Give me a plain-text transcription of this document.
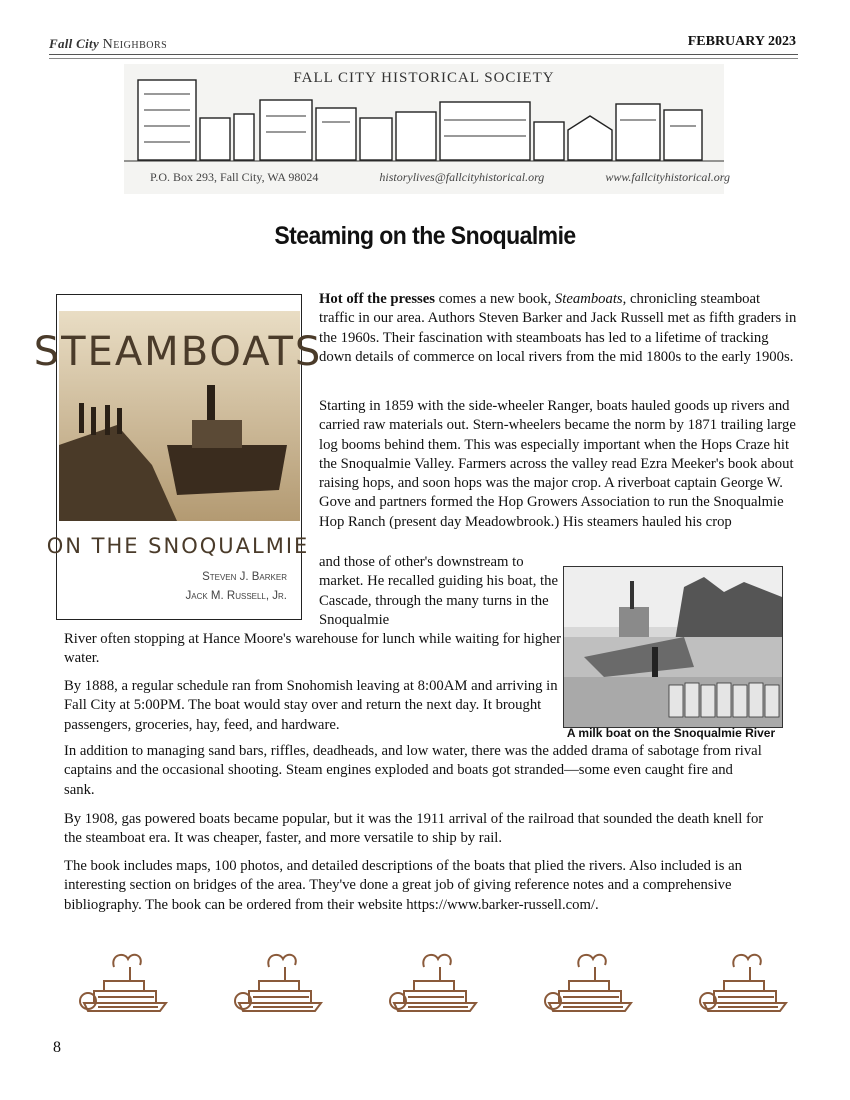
Fall City Neighbors	FEBRUARY 2023
FALL CITY HISTORICAL SOCIETY
P.O. Box 293, Fall City, WA 98024	historylives@fallcityhistorical.org	www.fallcityhistorical.org
Steaming on the Snoqualmie
STEAMBOATS
ON THE SNOQUALMIE
Steven J. Barker
Jack M. Russell, Jr.

Hot off the presses comes a new book, Steamboats, chronicling steamboat traffic in our area. Authors Steven Barker and Jack Russell met as fifth graders in the 1960s. Their fascination with steamboats has led to a lifetime of tracking down details of commerce on local rivers from the mid 1800s to the early 1900s.

Starting in 1859 with the side-wheeler Ranger, boats hauled goods up rivers and carried raw materials out. Stern-wheelers became the norm by 1871 trailing large log booms behind them. This was especially important when the Hops Craze hit the Snoqualmie Valley. Farmers across the valley read Ezra Meeker's book about raising hops, and soon hops was the major crop. A riverboat captain George W. Gove and partners formed the Hop Growers Association to run the Snoqualmie Hop Ranch (present day Meadowbrook.) His steamers hauled his crop
and those of other's downstream to market. He recalled guiding his boat, the Cascade, through the many turns in the Snoqualmie
River often stopping at Hance Moore's warehouse for lunch while waiting for higher water.
By 1888, a regular schedule ran from Snohomish leaving at 8:00AM and arriving in Fall City at 5:00PM. The boat would stay over and return the next day. It brought passengers, groceries, hay, feed, and hardware.
In addition to managing sand bars, riffles, deadheads, and low water, there was the added drama of sabotage from rival captains and the occasional shooting. Steam engines exploded and boats got stranded—some even caught fire and sank.
By 1908, gas powered boats became popular, but it was the 1911 arrival of the railroad that sounded the death knell for the steamboat era. It was cheaper, faster, and more versatile to ship by rail.
The book includes maps, 100 photos, and detailed descriptions of the boats that plied the rivers. Also included is an interesting section on bridges of the area. They've done a great job of giving reference notes and a comprehensive bibliography. The book can be ordered from their website https://www.barker-russell.com/.
A milk boat on the Snoqualmie River
8
